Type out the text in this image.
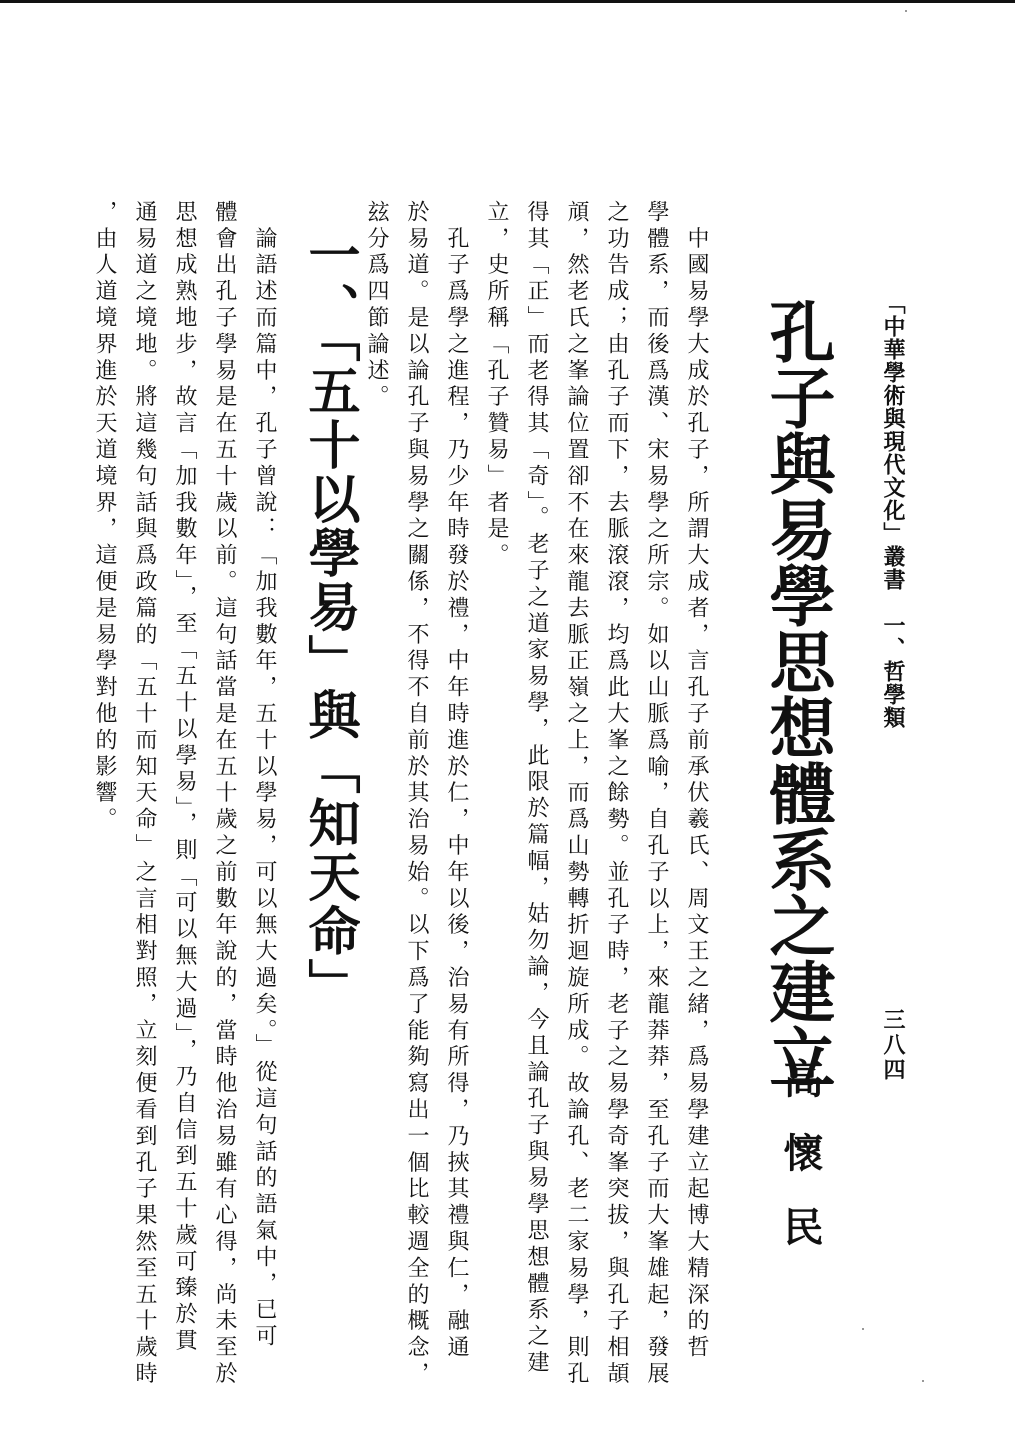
「中華學術與現代文化」叢書　一、哲學類
三八四
孔子與易學思想體系之建立
高懷民
　中國易學大成於孔子，所謂大成者，言孔子前承伏羲氏、周文王之緒，爲易學建立起博大精深的哲
學體系，而後爲漢、宋易學之所宗。如以山脈爲喻，自孔子以上，來龍莽莽，至孔子而大峯雄起，發展
之功告成；由孔子而下，去脈滾滾，均爲此大峯之餘勢。並孔子時，老子之易學奇峯突拔，與孔子相頡
頏，然老氏之峯論位置卻不在來龍去脈正嶺之上，而爲山勢轉折迴旋所成。故論孔、老二家易學，則孔
得其「正」而老得其「奇」。老子之道家易學，此限於篇幅，姑勿論，今且論孔子與易學思想體系之建
立，史所稱「孔子贊易」者是。
　孔子爲學之進程，乃少年時發於禮，中年時進於仁，中年以後，治易有所得，乃挾其禮與仁，融通
於易道。是以論孔子與易學之關係，不得不自前於其治易始。以下爲了能夠寫出一個比較週全的概念，
玆分爲四節論述。
一、「五十以學易」與「知天命」
　論語述而篇中，孔子曾說：「加我數年，五十以學易，可以無大過矣。」從這句話的語氣中，已可
體會出孔子學易是在五十歲以前。這句話當是在五十歲之前數年說的，當時他治易雖有心得，尚未至於
思想成熟地步，故言「加我數年」，至「五十以學易」，則「可以無大過」，乃自信到五十歲可臻於貫
通易道之境地。將這幾句話與爲政篇的「五十而知天命」之言相對照，立刻便看到孔子果然至五十歲時
，由人道境界進於天道境界，這便是易學對他的影響。
